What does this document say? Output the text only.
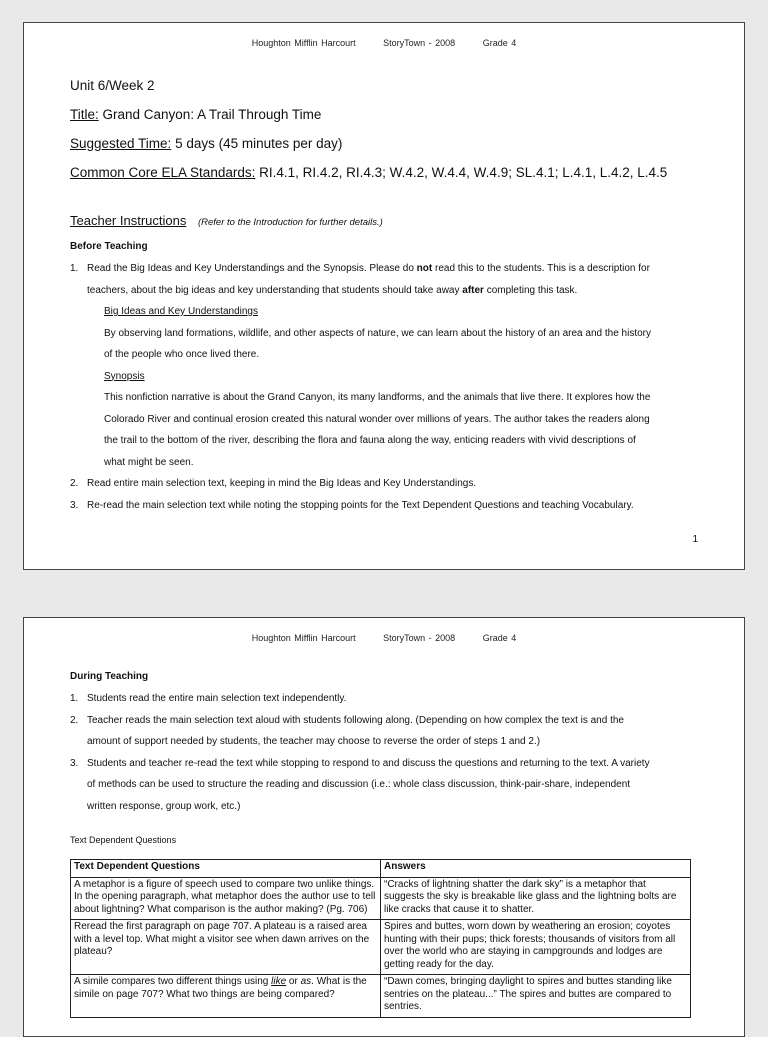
Houghton Mifflin Harcourt	StoryTown - 2008	Grade 4
Unit 6/Week 2
Title: Grand Canyon: A Trail Through Time
Suggested Time: 5 days (45 minutes per day)
Common Core ELA Standards: RI.4.1, RI.4.2, RI.4.3; W.4.2, W.4.4, W.4.9; SL.4.1; L.4.1, L.4.2, L.4.5
Teacher Instructions (Refer to the Introduction for further details.)
Before Teaching
1. Read the Big Ideas and Key Understandings and the Synopsis. Please do not read this to the students. This is a description for
teachers, about the big ideas and key understanding that students should take away after completing this task.
Big Ideas and Key Understandings
By observing land formations, wildlife, and other aspects of nature, we can learn about the history of an area and the history
of the people who once lived there.
Synopsis
This nonfiction narrative is about the Grand Canyon, its many landforms, and the animals that live there. It explores how the
Colorado River and continual erosion created this natural wonder over millions of years. The author takes the readers along
the trail to the bottom of the river, describing the flora and fauna along the way, enticing readers with vivid descriptions of
what might be seen.
2. Read entire main selection text, keeping in mind the Big Ideas and Key Understandings.
3. Re-read the main selection text while noting the stopping points for the Text Dependent Questions and teaching Vocabulary.
1
Houghton Mifflin Harcourt	StoryTown - 2008	Grade 4
During Teaching
1. Students read the entire main selection text independently.
2. Teacher reads the main selection text aloud with students following along. (Depending on how complex the text is and the
amount of support needed by students, the teacher may choose to reverse the order of steps 1 and 2.)
3. Students and teacher re-read the text while stopping to respond to and discuss the questions and returning to the text. A variety
of methods can be used to structure the reading and discussion (i.e.: whole class discussion, think-pair-share, independent
written response, group work, etc.)
Text Dependent Questions
Text Dependent Questions	Answers
A metaphor is a figure of speech used to compare two unlike things. In the opening paragraph, what metaphor does the author use to tell about lightning? What comparison is the author making? (Pg. 706)	“Cracks of lightning shatter the dark sky” is a metaphor that suggests the sky is breakable like glass and the lightning bolts are like cracks that cause it to shatter.
Reread the first paragraph on page 707. A plateau is a raised area with a level top. What might a visitor see when dawn arrives on the plateau?	Spires and buttes, worn down by weathering an erosion; coyotes hunting with their pups; thick forests; thousands of visitors from all over the world who are staying in campgrounds and lodges are getting ready for the day.
A simile compares two different things using like or as. What is the simile on page 707? What two things are being compared?	“Dawn comes, bringing daylight to spires and buttes standing like sentries on the plateau...” The spires and buttes are compared to sentries.
